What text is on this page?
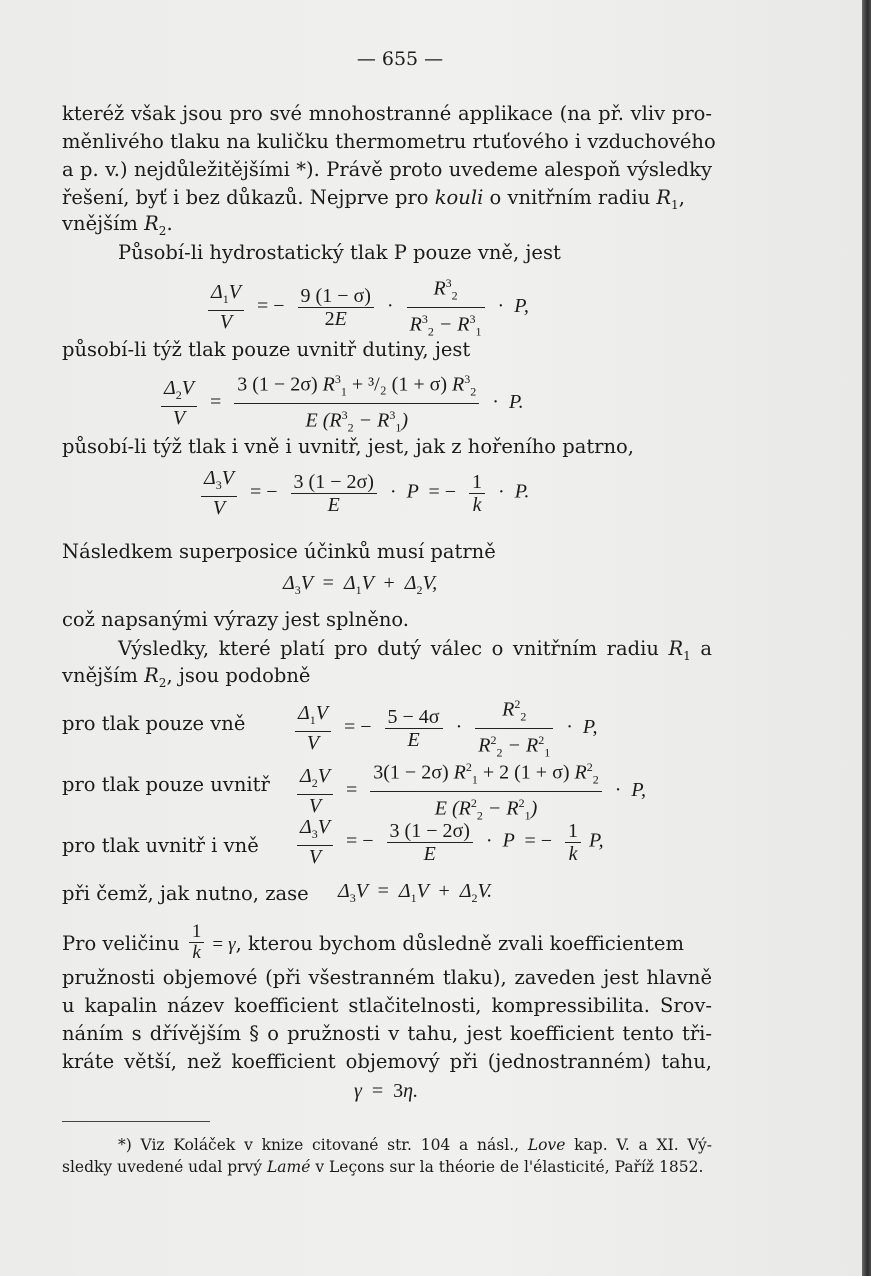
— 655 —
kteréž však jsou pro své mnohostranné applikace (na př. vliv pro-
měnlivého tlaku na kuličku thermometru rtuťového i vzduchového
a p. v.) nejdůležitějšími *). Právě proto uvedeme alespoň výsledky
řešení, byť i bez důkazů. Nejprve pro kouli o vnitřním radiu $R_1$,
vnějším $R_2$.
Působí-li hydrostatický tlak P pouze vně, jest
$\frac{\Delta_1V}{V}$ = − $\frac{9 (1 - \sigma)}{2E} \cdot \frac{R^3_2}{R^3_2 - R^3_1} \cdot P$,
působí-li týž tlak pouze uvnitř dutiny, jest
$\frac{\Delta_2V}{V} = \frac{3 (1 - 2\sigma) R^3_1 + ^3/_2 (1 + \sigma) R^3_2}{E (R^3_2 - R^3_1)} \cdot P$.
působí-li týž tlak i vně i uvnitř, jest, jak z hořeního patrno,
$\frac{\Delta_3V}{V}$ = − $\frac{3 (1 - 2\sigma)}{E} \cdot P$ = − $\frac{1}{k} \cdot P$.
Následkem superposice účinků musí patrně
$\Delta_3V = \Delta_1V + \Delta_2V$,
což napsanými výrazy jest splněno.
Výsledky, které platí pro dutý válec o vnitřním radiu $R_1$ a
vnějším $R_2$, jsou podobně
pro tlak pouze vně $\frac{\Delta_1V}{V}$ = − $\frac{5 - 4\sigma}{E} \cdot \frac{R^2_2}{R^2_2 - R^2_1} \cdot P$,
pro tlak pouze uvnitř $\frac{\Delta_2V}{V} = \frac{3(1 - 2\sigma) R^2_1 + 2 (1 + \sigma) R^2_2}{E (R^2_2 - R^2_1)} \cdot P$,
pro tlak uvnitř i vně $\frac{\Delta_3V}{V}$ = − $\frac{3 (1 - 2\sigma)}{E} \cdot P$ = − $\frac{1}{k} P$,
při čemž, jak nutno, zase $\Delta_3V = \Delta_1V + \Delta_2V$.
Pro veličinu $\frac{1}{k} = \gamma$, kterou bychom důsledně zvali koefficientem
pružnosti objemové (při všestranném tlaku), zaveden jest hlavně
u kapalin název koefficient stlačitelnosti, kompressibilita. Srov-
náním s dřívějším § o pružnosti v tahu, jest koefficient tento tři-
kráte větší, než koefficient objemový při (jednostranném) tahu,
γ = 3η.
*) Viz Koláček v knize citované str. 104 a násl., Love kap. V. a XI. Vý-
sledky uvedené udal prvý Lamé v Leçons sur la théorie de l'élasticité, Paříž 1852.
